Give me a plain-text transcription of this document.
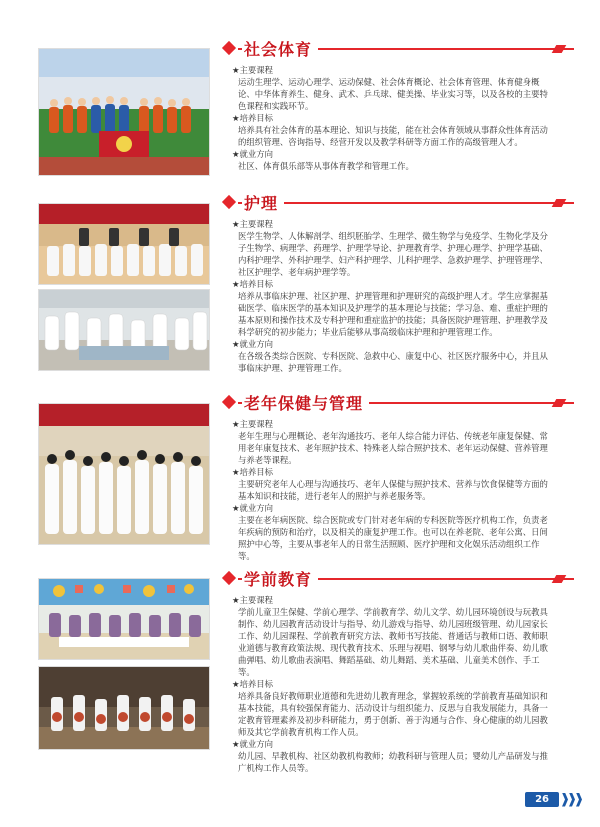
社会体育
★主要课程
运动生理学、运动心理学、运动保健、社会体育概论、社会体育管理、体育健身概论、中华体育养生、健身、武术、乒乓球、健美操、毕业实习等，以及各校的主要特色课程和实践环节。
★培养目标
培养具有社会体育的基本理论、知识与技能，能在社会体育领域从事群众性体育活动的组织管理、咨询指导、经营开发以及教学科研等方面工作的高级管理人才。
★就业方向
社区、体育俱乐部等从事体育教学和管理工作。
护理
★主要课程
医学生物学、人体解剖学、组织胚胎学、生理学、微生物学与免疫学、生物化学及分子生物学、病理学、药理学、护理学导论、护理教育学、护理心理学、护理学基础、内科护理学、外科护理学、妇产科护理学、儿科护理学、急救护理学、护理管理学、社区护理学、老年病护理学等。
★培养目标
培养从事临床护理、社区护理、护理管理和护理研究的高级护理人才。学生应掌握基础医学、临床医学的基本知识及护理学的基本理论与技能；学习急、难、重症护理的基本原则和操作技术及专科护理和重症监护的技能；具备医院护理管理、护理教学及科学研究的初步能力；毕业后能够从事高级临床护理和护理管理工作。
★就业方向
在各级各类综合医院、专科医院、急救中心、康复中心、社区医疗服务中心，并且从事临床护理、护理管理工作。
老年保健与管理
★主要课程
老年生理与心理概论、老年沟通技巧、老年人综合能力评估、传统老年康复保健、常用老年康复技术、老年照护技术、特殊老人综合照护技术、老年运动保健、营养管理与养老等课程。
★培养目标
主要研究老年人心理与沟通技巧、老年人保健与照护技术、营养与饮食保健等方面的基本知识和技能，进行老年人的照护与养老服务等。
★就业方向
主要在老年病医院、综合医院或专门针对老年病的专科医院等医疗机构工作，负责老年疾病的预防和治疗，以及相关的康复护理工作。也可以在养老院、老年公寓、日间照护中心等，主要从事老年人的日常生活照顾、医疗护理和文化娱乐活动组织工作等。
学前教育
★主要课程
学前儿童卫生保健、学前心理学、学前教育学、幼儿文学、幼儿园环境创设与玩教具制作、幼儿园教育活动设计与指导、幼儿游戏与指导、幼儿园班级管理、幼儿园家长工作、幼儿园课程、学前教育研究方法、教师书写技能、普通话与教师口语、教师职业道德与教育政策法规、现代教育技术、乐理与视唱、钢琴与幼儿歌曲伴奏、幼儿歌曲弹唱、幼儿歌曲表演唱、舞蹈基础、幼儿舞蹈、美术基础、儿童美术创作、手工等。
★培养目标
培养具备良好教师职业道德和先进幼儿教育理念，掌握较系统的学前教育基础知识和基本技能，具有较强保育能力、活动设计与组织能力、反思与自我发展能力，具备一定教育管理素养及初步科研能力，勇于创新、善于沟通与合作、身心健康的幼儿园教师及其它学前教育机构工作人员。
★就业方向
幼儿园、早教机构、社区幼教机构教师；幼教科研与管理人员；婴幼儿产品研发与推广机构工作人员等。
26
